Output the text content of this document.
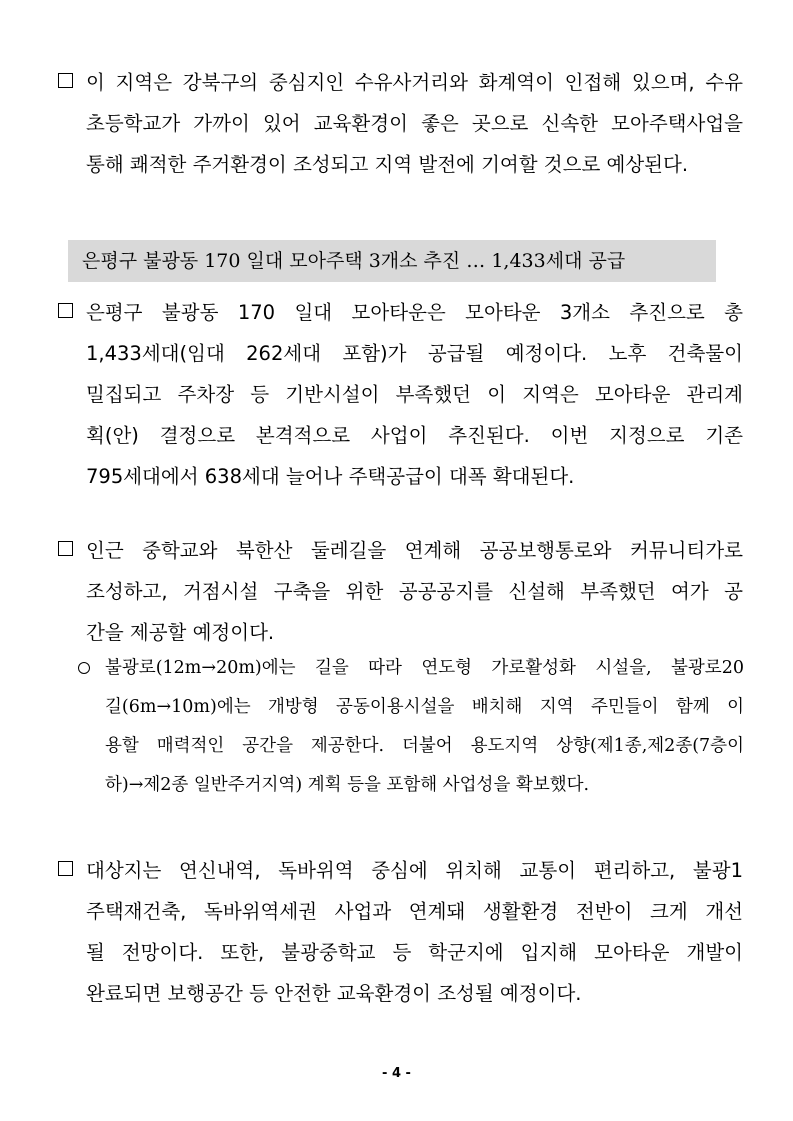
이 지역은 강북구의 중심지인 수유사거리와 화계역이 인접해 있으며, 수유
초등학교가 가까이 있어 교육환경이 좋은 곳으로 신속한 모아주택사업을
통해 쾌적한 주거환경이 조성되고 지역 발전에 기여할 것으로 예상된다.
은평구 불광동 170 일대 모아주택 3개소 추진 … 1,433세대 공급
은평구 불광동 170 일대 모아타운은 모아타운 3개소 추진으로 총
1,433세대(임대 262세대 포함)가 공급될 예정이다. 노후 건축물이
밀집되고 주차장 등 기반시설이 부족했던 이 지역은 모아타운 관리계
획(안) 결정으로 본격적으로 사업이 추진된다. 이번 지정으로 기존
795세대에서 638세대 늘어나 주택공급이 대폭 확대된다.
인근 중학교와 북한산 둘레길을 연계해 공공보행통로와 커뮤니티가로
조성하고, 거점시설 구축을 위한 공공공지를 신설해 부족했던 여가 공
간을 제공할 예정이다.
불광로(12m→20m)에는 길을 따라 연도형 가로활성화 시설을, 불광로20
길(6m→10m)에는 개방형 공동이용시설을 배치해 지역 주민들이 함께 이
용할 매력적인 공간을 제공한다. 더불어 용도지역 상향(제1종,제2종(7층이
하)→제2종 일반주거지역) 계획 등을 포함해 사업성을 확보했다.
대상지는 연신내역, 독바위역 중심에 위치해 교통이 편리하고, 불광1
주택재건축, 독바위역세권 사업과 연계돼 생활환경 전반이 크게 개선
될 전망이다. 또한, 불광중학교 등 학군지에 입지해 모아타운 개발이
완료되면 보행공간 등 안전한 교육환경이 조성될 예정이다.
- 4 -
